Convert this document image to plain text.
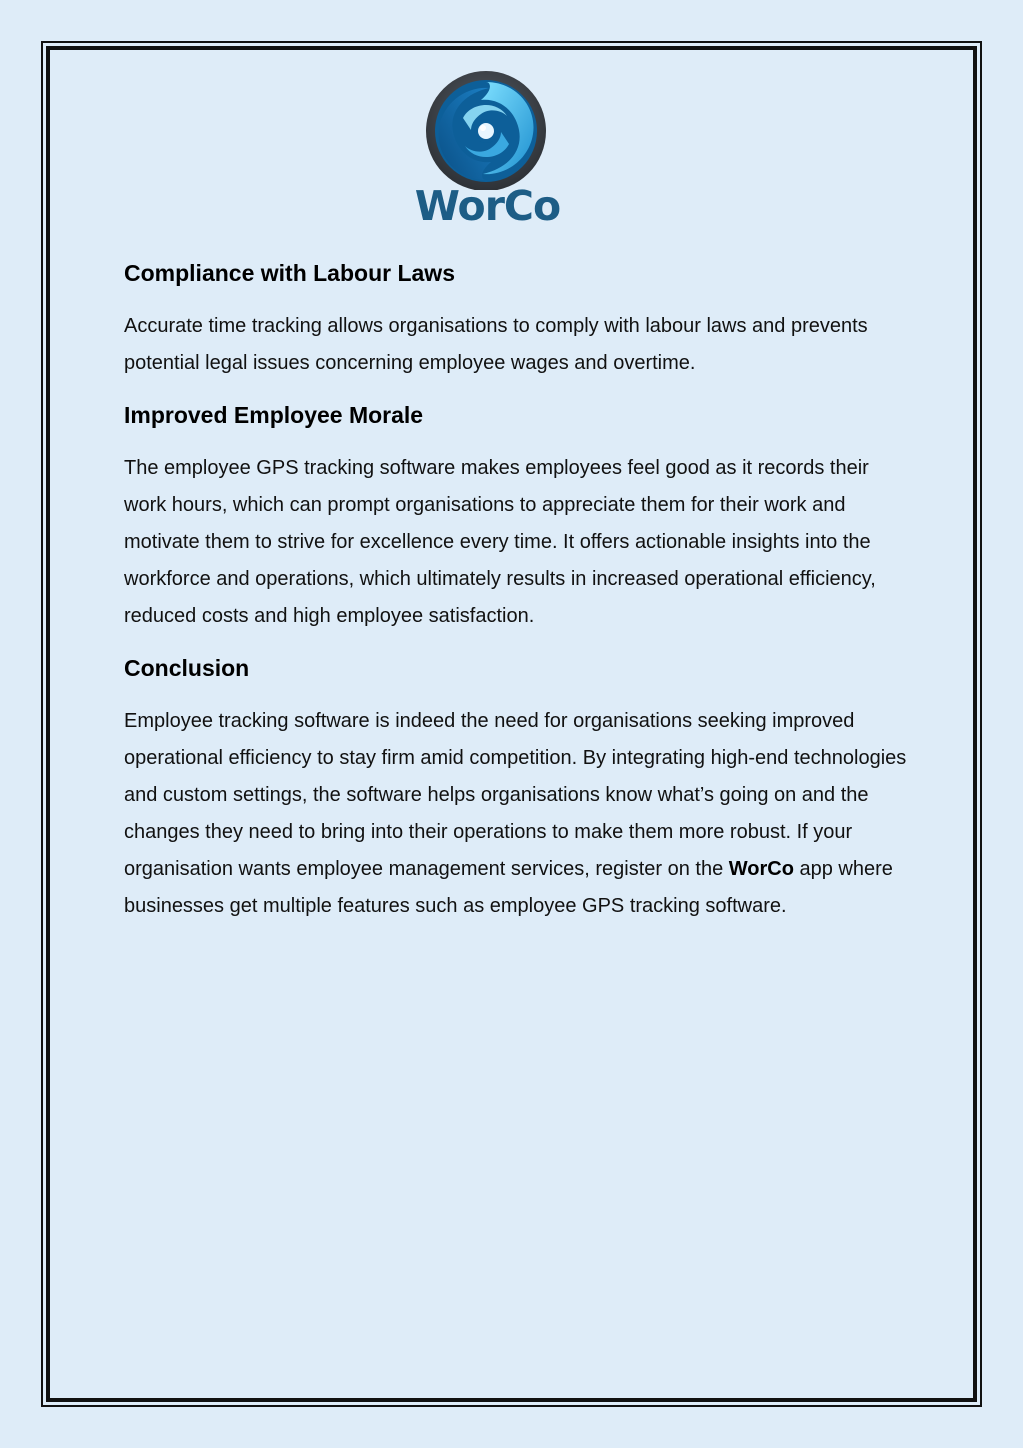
WorCo
Compliance with Labour Laws

Accurate time tracking allows organisations to comply with labour laws and prevents potential legal issues concerning employee wages and overtime.

Improved Employee Morale

The employee GPS tracking software makes employees feel good as it records their work hours, which can prompt organisations to appreciate them for their work and motivate them to strive for excellence every time. It offers actionable insights into the workforce and operations, which ultimately results in increased operational efficiency, reduced costs and high employee satisfaction.

Conclusion

Employee tracking software is indeed the need for organisations seeking improved operational efficiency to stay firm amid competition. By integrating high-end technologies and custom settings, the software helps organisations know what’s going on and the changes they need to bring into their operations to make them more robust. If your organisation wants employee management services, register on the WorCo app where businesses get multiple features such as employee GPS tracking software.
